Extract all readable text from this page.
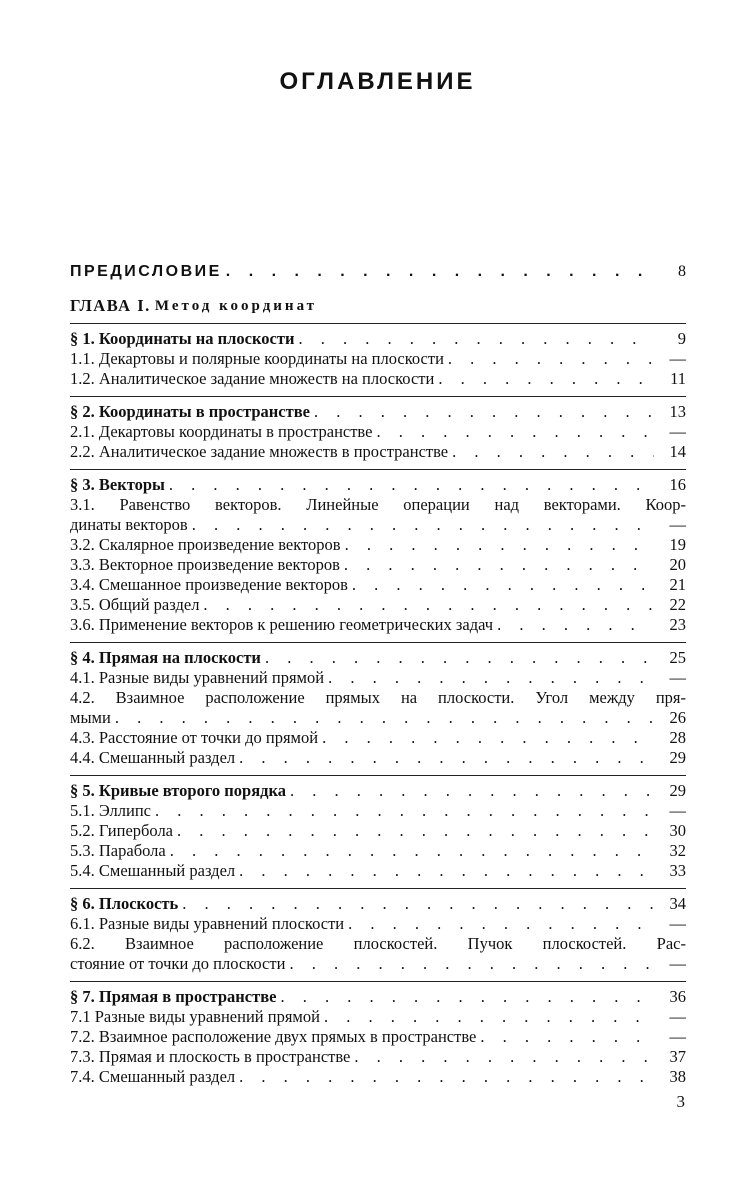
ОГЛАВЛЕНИЕ
ПРЕДИСЛОВИЕ . . .	8
ГЛАВА I.
Метод координат
§ 1. Координаты на плоскости . . .	9
1.1. Декартовы и полярные координаты на плоскости . . .	—
1.2. Аналитическое задание множеств на плоскости . . .	11
§ 2. Координаты в пространстве . . .	13
2.1. Декартовы координаты в пространстве . . .	—
2.2. Аналитическое задание множеств в пространстве . . .	14
§ 3. Векторы . . .	16
3.1. Равенство векторов. Линейные операции над векторами. Коор-
динаты векторов . . .	—
3.2. Скалярное произведение векторов . . .	19
3.3. Векторное произведение векторов . . .	20
3.4. Смешанное произведение векторов . . .	21
3.5. Общий раздел . . .	22
3.6. Применение векторов к решению геометрических задач . . .	23
§ 4. Прямая на плоскости . . .	25
4.1. Разные виды уравнений прямой . . .	—
4.2. Взаимное расположение прямых на плоскости. Угол между пря-
мыми . . .	26
4.3. Расстояние от точки до прямой . . .	28
4.4. Смешанный раздел . . .	29
§ 5. Кривые второго порядка . . .	29
5.1. Эллипс . . .	—
5.2. Гипербола . . .	30
5.3. Парабола . . .	32
5.4. Смешанный раздел . . .	33
§ 6. Плоскость . . .	34
6.1. Разные виды уравнений плоскости . . .	—
6.2. Взаимное расположение плоскостей. Пучок плоскостей. Рас-
стояние от точки до плоскости . . .	—
§ 7. Прямая в пространстве . . .	36
7.1 Разные виды уравнений прямой . . .	—
7.2. Взаимное расположение двух прямых в пространстве . . .	—
7.3. Прямая и плоскость в пространстве . . .	37
7.4. Смешанный раздел . . .	38
3
